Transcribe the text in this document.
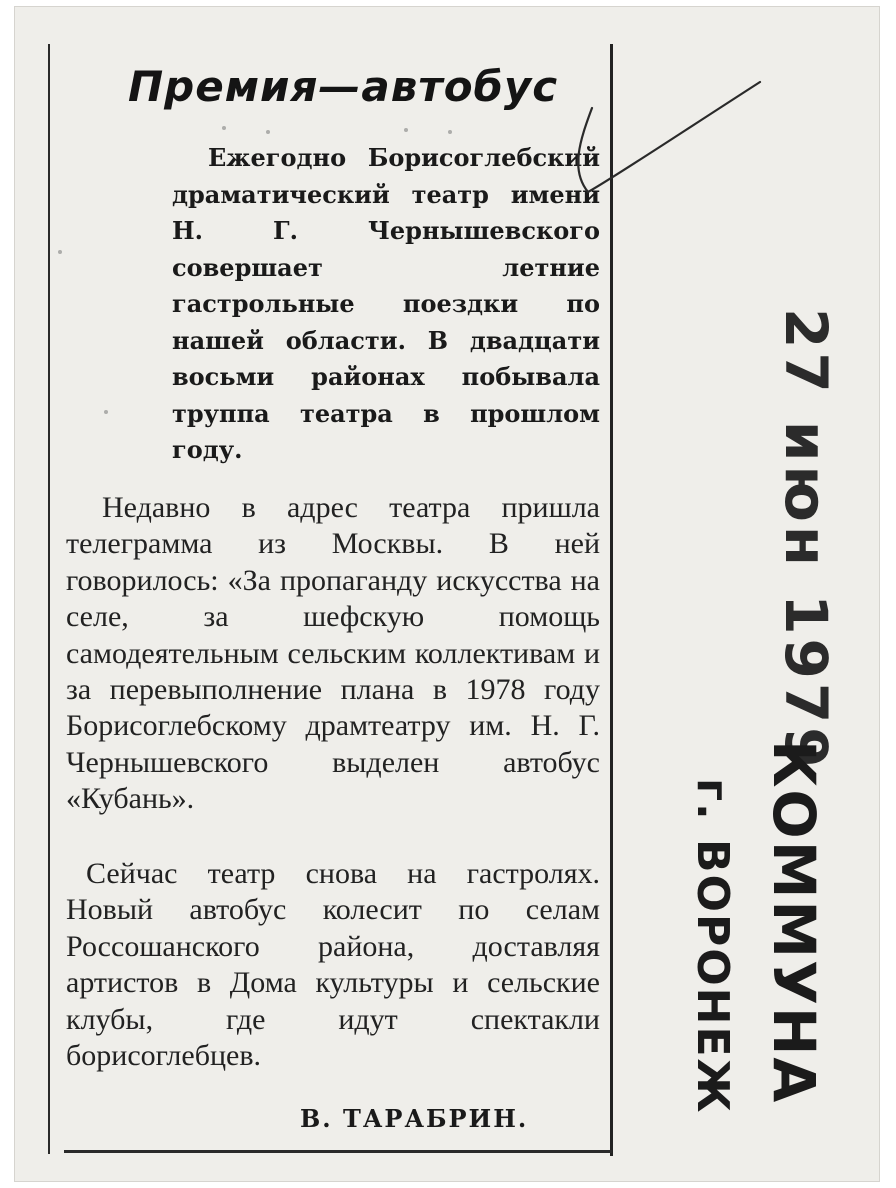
Премия—автобус

Ежегодно Борисоглебский драматический театр имени Н. Г. Чернышевского совершает летние гастрольные поездки по нашей области. В двадцати восьми районах побывала труппа театра в прошлом году.

Недавно в адрес театра пришла телеграмма из Москвы. В ней говорилось: «За пропаганду искусства на селе, за шефскую помощь самодеятельным сельским коллективам и за перевыполнение плана в 1978 году Борисоглебскому драмтеатру им. Н. Г. Чернышевского выделен автобус «Кубань».

Сейчас театр снова на гастролях. Новый автобус колесит по селам Россошанского района, доставляя артистов в Дома культуры и сельские клубы, где идут спектакли борисоглебцев.

В. ТАРАБРИН.

27 июн 1979
КОММУНА
г. ВОРОНЕЖ
